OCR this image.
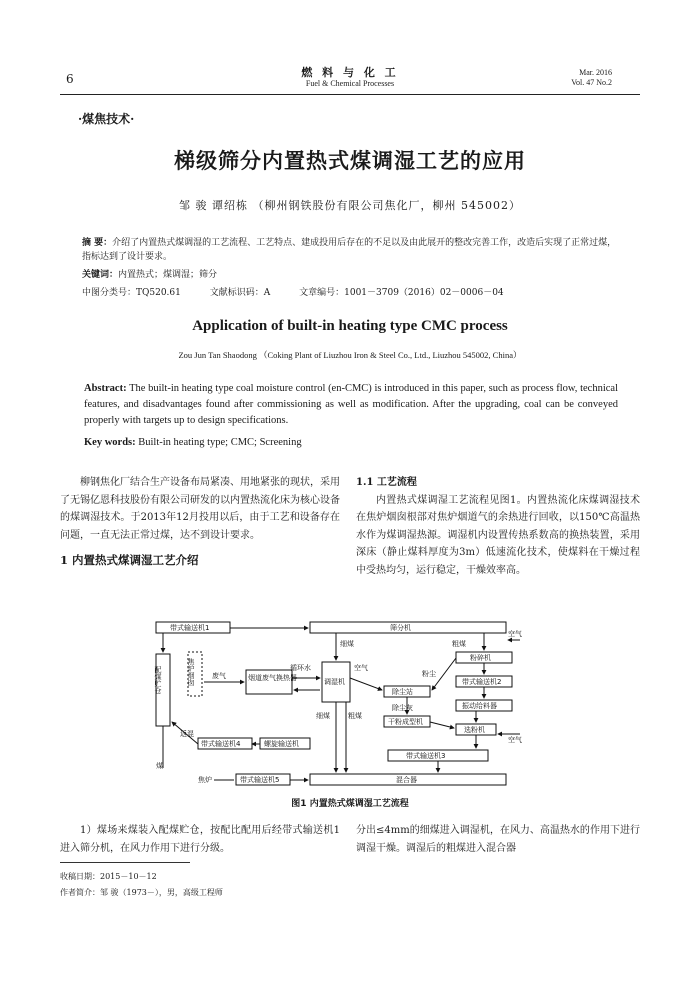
6	燃 料 与 化 工
Fuel & Chemical Processes
Mar. 2016
Vol. 47 No.2
·煤焦技术·
梯级筛分内置热式煤调湿工艺的应用
邹 骏 谭绍栋 （柳州钢铁股份有限公司焦化厂，柳州 545002）
摘 要：介绍了内置热式煤调湿的工艺流程、工艺特点、建成投用后存在的不足以及由此展开的整改完善工作，改造后实现了正常过煤，指标达到了设计要求。
关键词：内置热式；煤调湿；筛分
中图分类号：TQ520.61	文献标识码：A	文章编号：1001－3709（2016）02－0006－04
Application of built-in heating type CMC process
Zou Jun Tan Shaodong （Coking Plant of Liuzhou Iron & Steel Co., Ltd., Liuzhou 545002, China）
Abstract: The built-in heating type coal moisture control (en-CMC) is introduced in this paper, such as process flow, technical features, and disadvantages found after commissioning as well as modification. After the upgrading, coal can be conveyed properly with targets up to design specifications.
Key words: Built-in heating type; CMC; Screening
柳钢焦化厂结合生产设备布局紧凑、用地紧张的现状，采用了无锡亿恩科技股份有限公司研发的以内置热流化床为核心设备的煤调湿技术。于2013年12月投用以后，由于工艺和设备存在问题，一直无法正常过煤，达不到设计要求。
1 内置热式煤调湿工艺介绍
1.1 工艺流程
内置热式煤调湿工艺流程见图1。内置热流化床煤调湿技术在焦炉烟囱根部对焦炉烟道气的余热进行回收，以150℃高温热水作为煤调湿热源。调湿机内设置传热系数高的换热装置，采用深床（静止煤料厚度为3m）低速流化技术，使煤料在干燥过程中受热均匀，运行稳定，干燥效率高。
带式输送机1	筛分机
配煤贮仓	焦炉烟囱 废气	烟道废气换热器
循环水
调湿机
细煤	粗煤
空气
粉尘
粉碎机
带式输送机2
振动给料器
除尘站
除尘灰
干粉成型机
选粉机
返混
带式输送机4	螺旋输送机
带式输送机3
煤
焦炉	带式输送机5	混合器
细煤	粗煤
空气
空气
图1 内置热式煤调湿工艺流程
1）煤场来煤装入配煤贮仓，按配比配用后经带式输送机1进入筛分机，在风力作用下进行分级。
分出≤4mm的细煤进入调湿机，在风力、高温热水的作用下进行调湿干燥。调湿后的粗煤进入混合器
收稿日期：2015－10－12
作者简介：邹 骏（1973－），男，高级工程师
